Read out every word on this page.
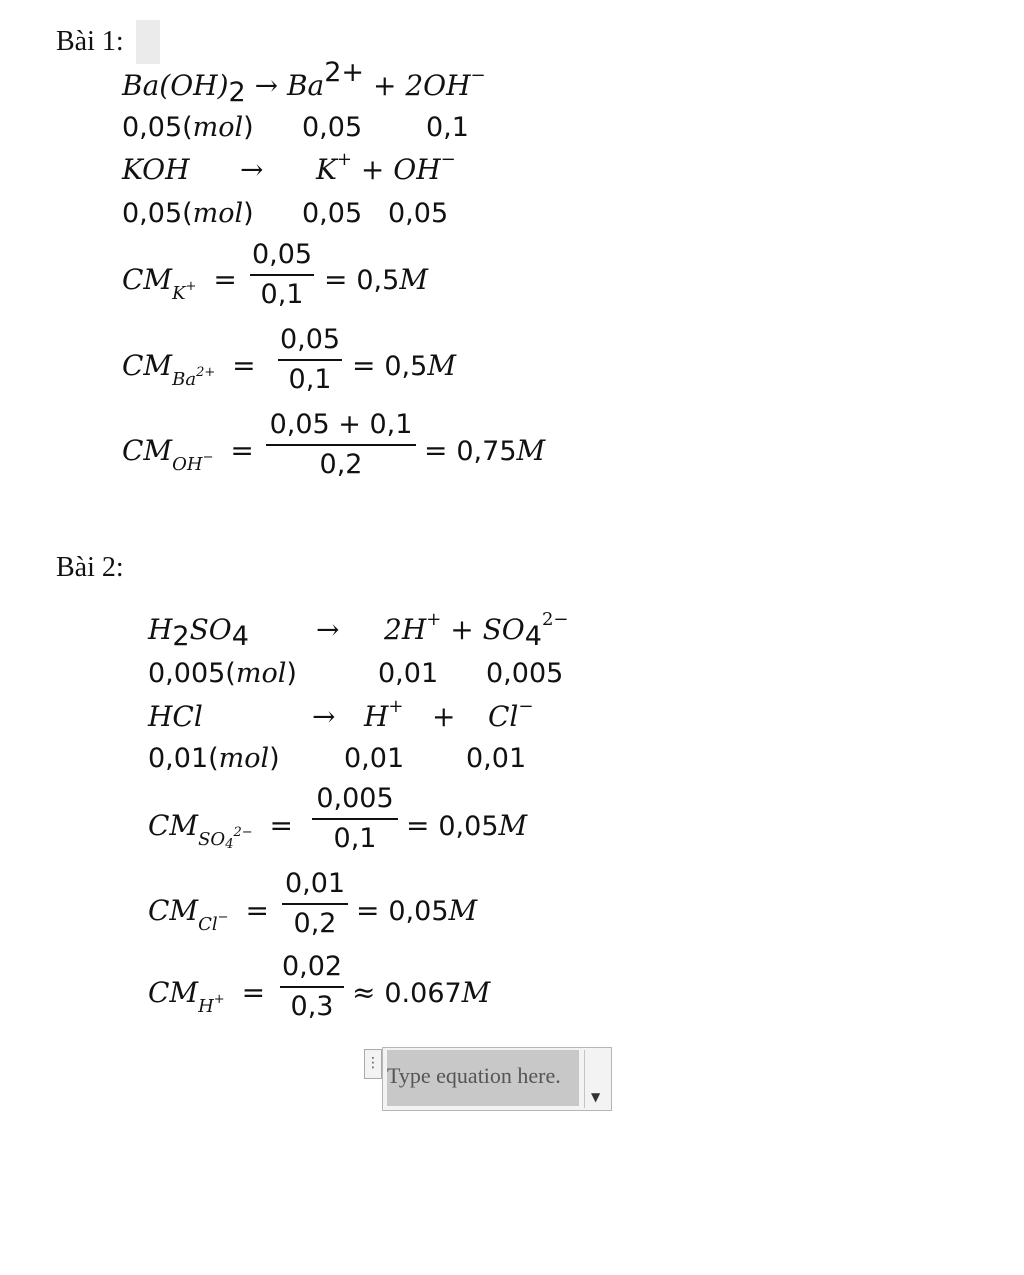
Bài 1:
$Ba(OH)_2 \to Ba^{2+} + 2OH^-$
0,05(mol) 0,05 0,1
KOH → K+ + OH−
0,05(mol) 0,05 0,05
$CM_{K^+}$ =
0,05
0,1 = 0,5M
$CM_{Ba^{2+}}$ =
0,05
0,1 = 0,5M
$CM_{OH^-}$ =
0,05 + 0,1
0,2	= 0,75M
Bài 2:
$H_2SO_4 \to 2H^+ + SO_4^{2-}$
0,005(mol)	0,01 0,005
HCl	→ H+ + Cl−
0,01(mol) 0,01 0,01
$CM_{SO_4^{2-}}$ =
0,005
0,1	= 0,05M
$CM_{Cl^-}$ =
0,01
0,2 = 0,05M
$CM_{H^+}$ =
0,02
0,3 ≈ 0.067M
⋮ Type equation here.
▼
